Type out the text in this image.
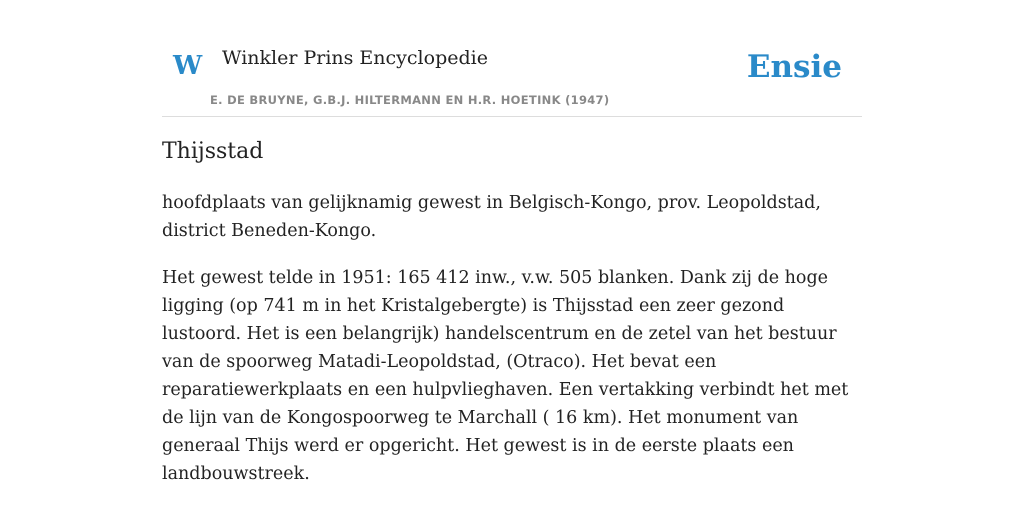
W Winkler Prins Encyclopedie
E. DE BRUYNE, G.B.J. HILTERMANN EN H.R. HOETINK (1947)
Ensie
Thijsstad

hoofdplaats van gelijknamig gewest in Belgisch-Kongo, prov. Leopoldstad, district Beneden-Kongo.

Het gewest telde in 1951: 165 412 inw., v.w. 505 blanken. Dank zij de hoge ligging (op 741 m in het Kristalgebergte) is Thijsstad een zeer gezond lustoord. Het is een belangrijk) handelscentrum en de zetel van het bestuur van de spoorweg Matadi-Leopoldstad, (Otraco). Het bevat een reparatiewerkplaats en een hulpvlieghaven. Een vertakking verbindt het met de lijn van de Kongospoorweg te Marchall ( 16 km). Het monument van generaal Thijs werd er opgericht. Het gewest is in de eerste plaats een landbouwstreek.
